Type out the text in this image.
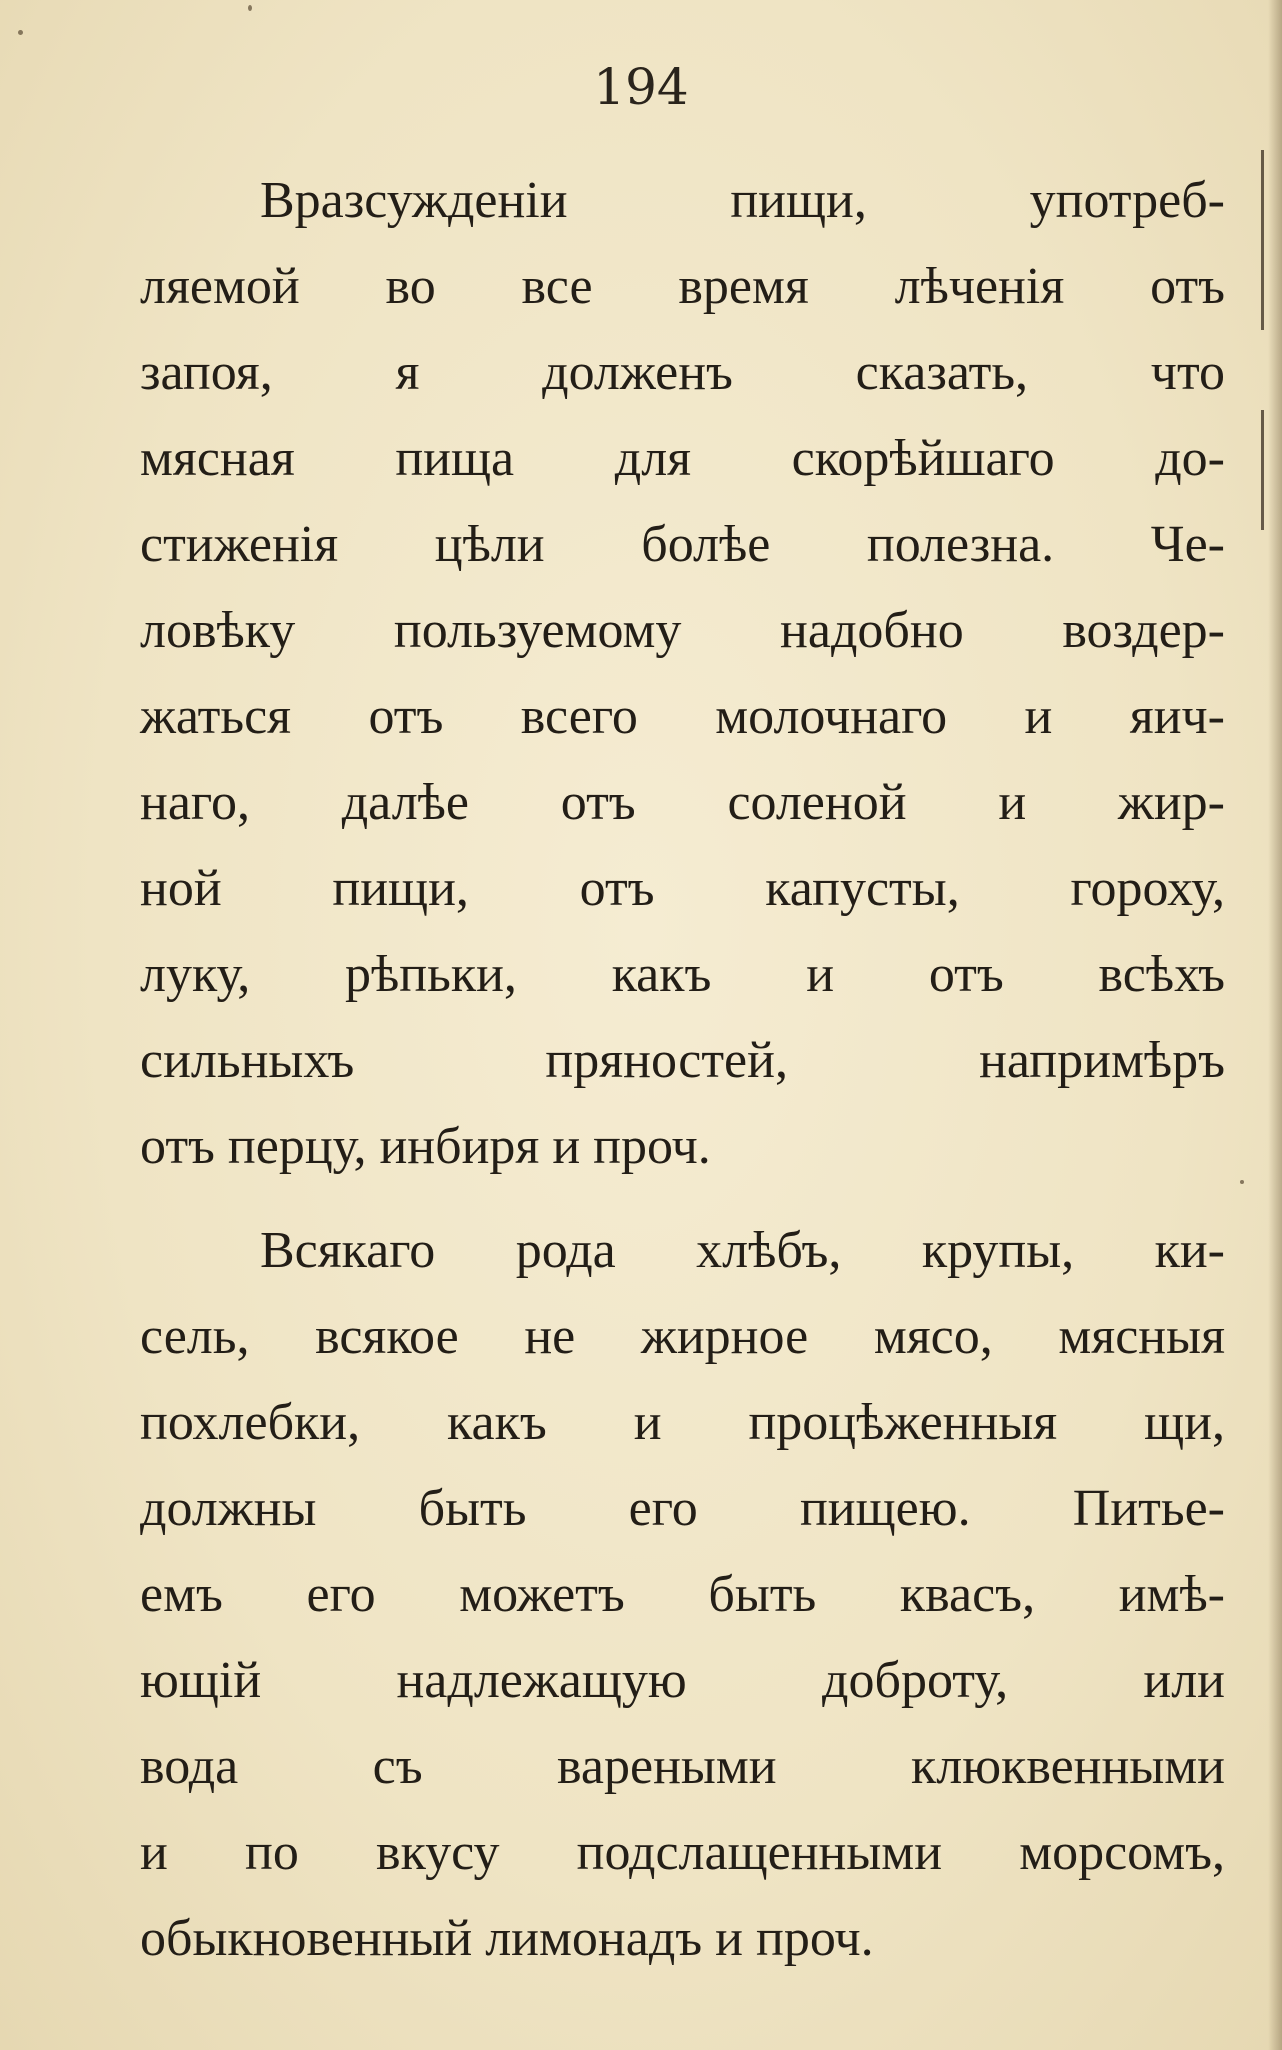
194
Вразсужденіи пищи, употреб-
ляемой во все время лѣченія отъ
запоя, я долженъ сказать, что
мясная пища для скорѣйшаго до-
стиженія цѣли болѣе полезна. Че-
ловѣку пользуемому надобно воздер-
жаться отъ всего молочнаго и яич-
наго, далѣе отъ соленой и жир-
ной пищи, отъ капусты, гороху,
луку, рѣпьки, какъ и отъ всѣхъ
сильныхъ пряностей, напримѣръ
отъ перцу, инбиря и проч.
Всякаго рода хлѣбъ, крупы, ки-
сель, всякое не жирное мясо, мясныя
похлебки, какъ и процѣженныя щи,
должны быть его пищею. Питье-
емъ его можетъ быть квасъ, имѣ-
ющій надлежащую доброту, или
вода съ вареными клюквенными
и по вкусу подслащенными морсомъ,
обыкновенный лимонадъ и проч.
